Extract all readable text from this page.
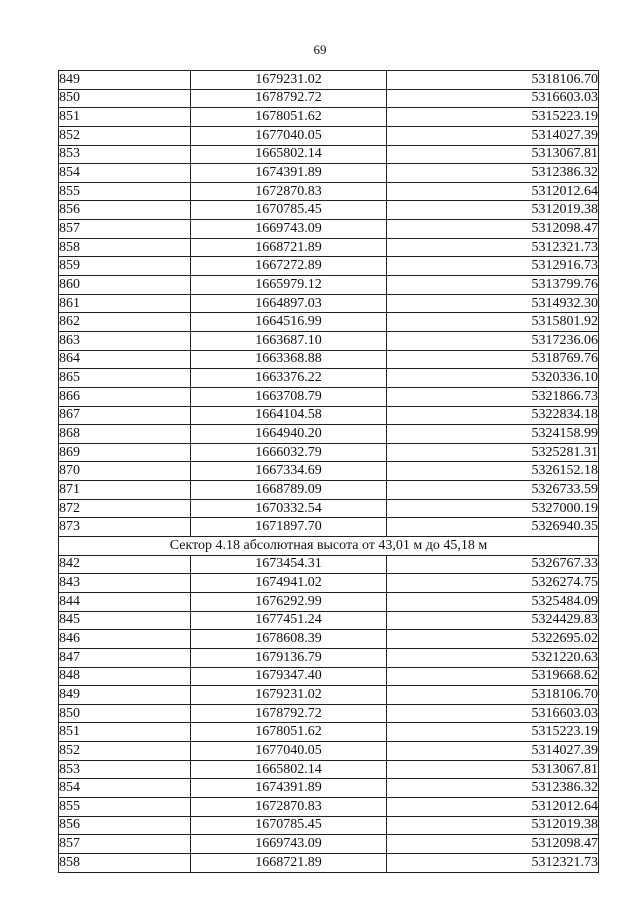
69
849	1679231.02	5318106.70
850	1678792.72	5316603.03
851	1678051.62	5315223.19
852	1677040.05	5314027.39
853	1665802.14	5313067.81
854	1674391.89	5312386.32
855	1672870.83	5312012.64
856	1670785.45	5312019.38
857	1669743.09	5312098.47
858	1668721.89	5312321.73
859	1667272.89	5312916.73
860	1665979.12	5313799.76
861	1664897.03	5314932.30
862	1664516.99	5315801.92
863	1663687.10	5317236.06
864	1663368.88	5318769.76
865	1663376.22	5320336.10
866	1663708.79	5321866.73
867	1664104.58	5322834.18
868	1664940.20	5324158.99
869	1666032.79	5325281.31
870	1667334.69	5326152.18
871	1668789.09	5326733.59
872	1670332.54	5327000.19
873	1671897.70	5326940.35
Сектор 4.18 абсолютная высота от 43,01 м до 45,18 м		
842	1673454.31	5326767.33
843	1674941.02	5326274.75
844	1676292.99	5325484.09
845	1677451.24	5324429.83
846	1678608.39	5322695.02
847	1679136.79	5321220.63
848	1679347.40	5319668.62
849	1679231.02	5318106.70
850	1678792.72	5316603.03
851	1678051.62	5315223.19
852	1677040.05	5314027.39
853	1665802.14	5313067.81
854	1674391.89	5312386.32
855	1672870.83	5312012.64
856	1670785.45	5312019.38
857	1669743.09	5312098.47
858	1668721.89	5312321.73
